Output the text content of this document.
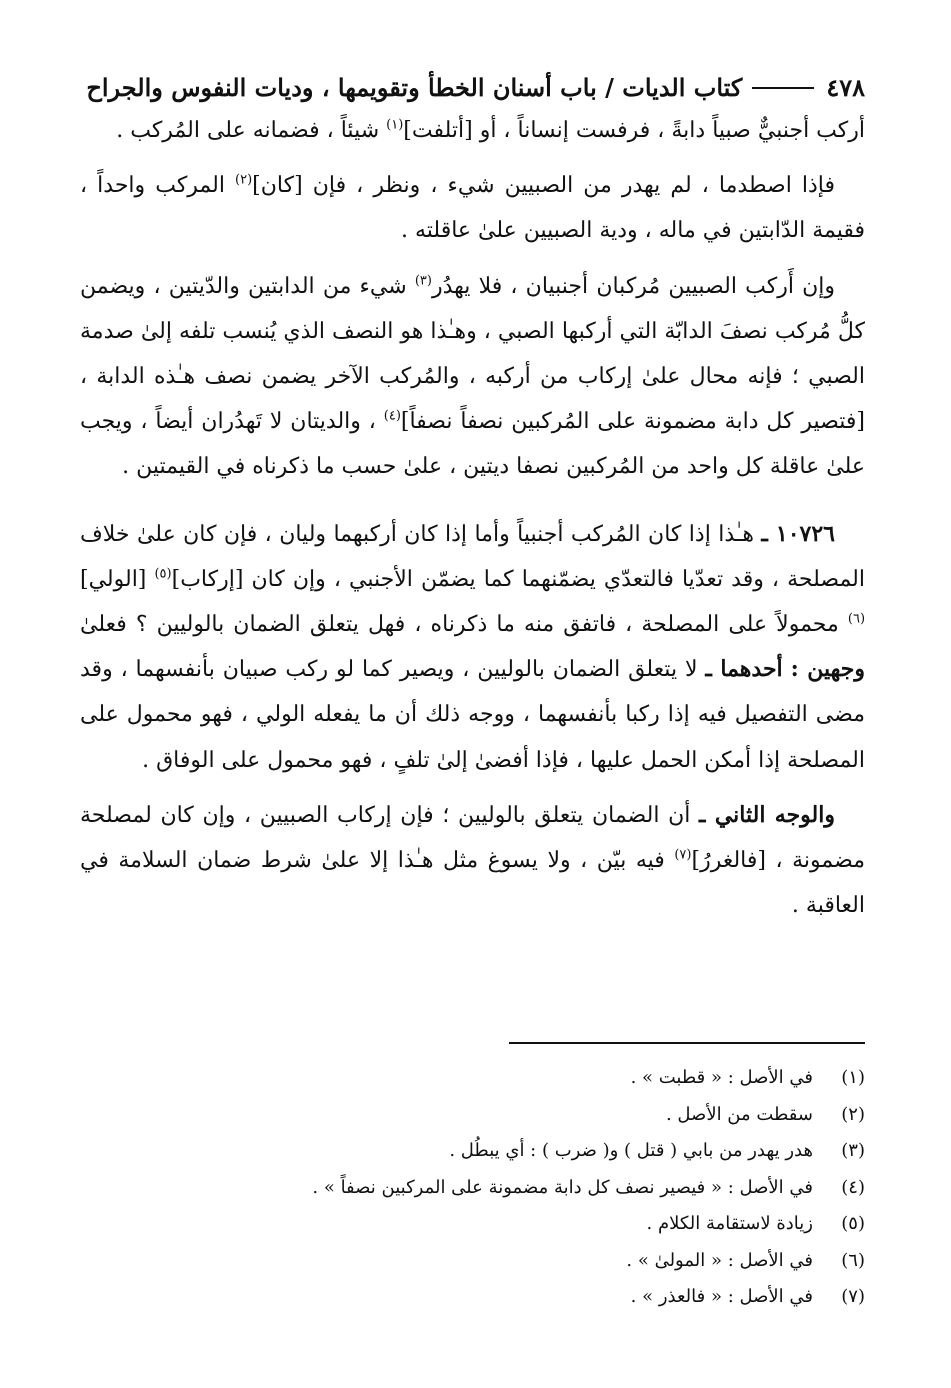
٤٧٨
كتاب الديات / باب أسنان الخطأ وتقويمها ، وديات النفوس والجراح

أركب أجنبيٌّ صبياً دابةً ، فرفست إنساناً ، أو [أتلفت]$^{(١)}$ شيئاً ، فضمانه على المُركب .

فإذا اصطدما ، لم يهدر من الصبيين شيء ، ونظر ، فإن [كان]$^{(٢)}$ المركب واحداً ، فقيمة الدّابتين في ماله ، ودية الصبيين علىٰ عاقلته .

وإن أَركب الصبيين مُركبان أجنبيان ، فلا يهدُر$^{(٣)}$ شيء من الدابتين والدّيتين ، ويضمن كلُّ مُركب نصفَ الدابّة التي أركبها الصبي ، وهـٰذا هو النصف الذي يُنسب تلفه إلىٰ صدمة الصبي ؛ فإنه محال علىٰ إركاب من أركبه ، والمُركب الآخر يضمن نصف هـٰذه الدابة ، [فتصير كل دابة مضمونة على المُركبين نصفاً نصفاً]$^{(٤)}$ ، والديتان لا تَهدُران أيضاً ، ويجب علىٰ عاقلة كل واحد من المُركبين نصفا ديتين ، علىٰ حسب ما ذكرناه في القيمتين .

١٠٧٢٦ ـ هـٰذا إذا كان المُركب أجنبياً وأما إذا كان أركبهما وليان ، فإن كان علىٰ خلاف المصلحة ، وقد تعدّيا فالتعدّي يضمّنهما كما يضمّن الأجنبي ، وإن كان [إركاب]$^{(٥)}$ [الولي]$^{(٦)}$ محمولاً على المصلحة ، فاتفق منه ما ذكرناه ، فهل يتعلق الضمان بالوليين ؟ فعلىٰ وجهين : أحدهما ـ لا يتعلق الضمان بالوليين ، ويصير كما لو ركب صبيان بأنفسهما ، وقد مضى التفصيل فيه إذا ركبا بأنفسهما ، ووجه ذلك أن ما يفعله الولي ، فهو محمول على المصلحة إذا أمكن الحمل عليها ، فإذا أفضىٰ إلىٰ تلفٍ ، فهو محمول على الوفاق .

والوجه الثاني ـ أن الضمان يتعلق بالوليين ؛ فإن إركاب الصبيين ، وإن كان لمصلحة مضمونة ، [فالغررُ]$^{(٧)}$ فيه بيّن ، ولا يسوغ مثل هـٰذا إلا علىٰ شرط ضمان السلامة في العاقبة .

(١)
في الأصل : « قطبت » .
(٢)
سقطت من الأصل .
(٣)
هدر يهدر من بابي ( قتل ) و( ضرب ) : أي يبطُل .
(٤)
في الأصل : « فيصير نصف كل دابة مضمونة على المركبين نصفاً » .
(٥)
زيادة لاستقامة الكلام .
(٦)
في الأصل : « المولىٰ » .
(٧)
في الأصل : « فالعذر » .
